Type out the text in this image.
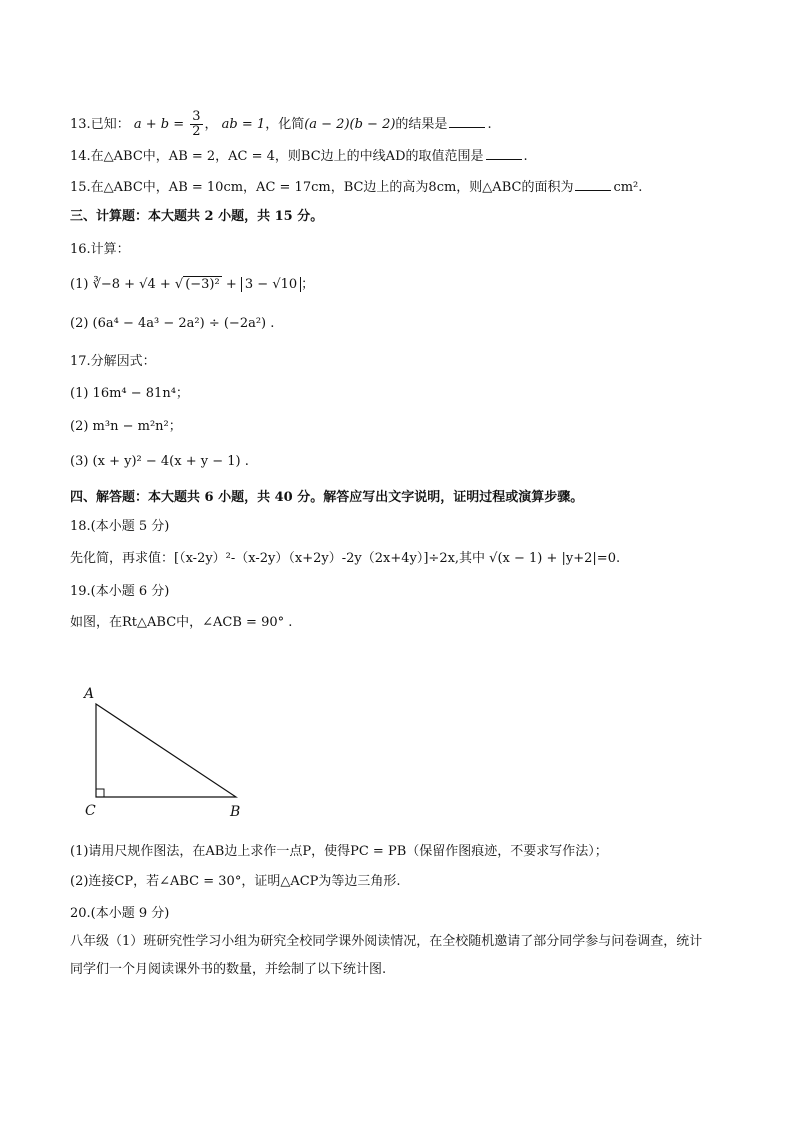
13.已知： $a + b = \frac{3}{2}$ ， ab = 1，化简(a − 2)(b − 2)的结果是	.
14.在△ABC中，AB = 2，AC = 4，则BC边上的中线AD的取值范围是	.
15.在△ABC中，AB = 10cm，AC = 17cm，BC边上的高为8cm，则△ABC的面积为	cm².
三、计算题：本大题共 2 小题，共 15 分。
16.计算：
(1) ∛−8 + √4 + √ (−3)² + 3 − √10 ；
(2) (6a⁴ − 4a³ − 2a²) ÷ (−2a²) .
17.分解因式：
(1) 16m⁴ − 81n⁴；
(2) m³n − m²n²；
(3) (x + y)² − 4(x + y − 1) .
四、解答题：本大题共 6 小题，共 40 分。解答应写出文字说明，证明过程或演算步骤。
18.(本小题 5 分)
先化简，再求值：[（x-2y）²-（x-2y）（x+2y）-2y（2x+4y）]÷2x,其中 √(x − 1) + |y+2|=0.
19.(本小题 6 分)
如图，在Rt△ABC中，∠ACB = 90° .
A
C	B
(1)请用尺规作图法，在AB边上求作一点P，使得PC = PB（保留作图痕迹，不要求写作法）；
(2)连接CP，若∠ABC = 30°，证明△ACP为等边三角形.
20.(本小题 9 分)
八年级（1）班研究性学习小组为研究全校同学课外阅读情况，在全校随机邀请了部分同学参与问卷调查，统计同学们一个月阅读课外书的数量，并绘制了以下统计图.
